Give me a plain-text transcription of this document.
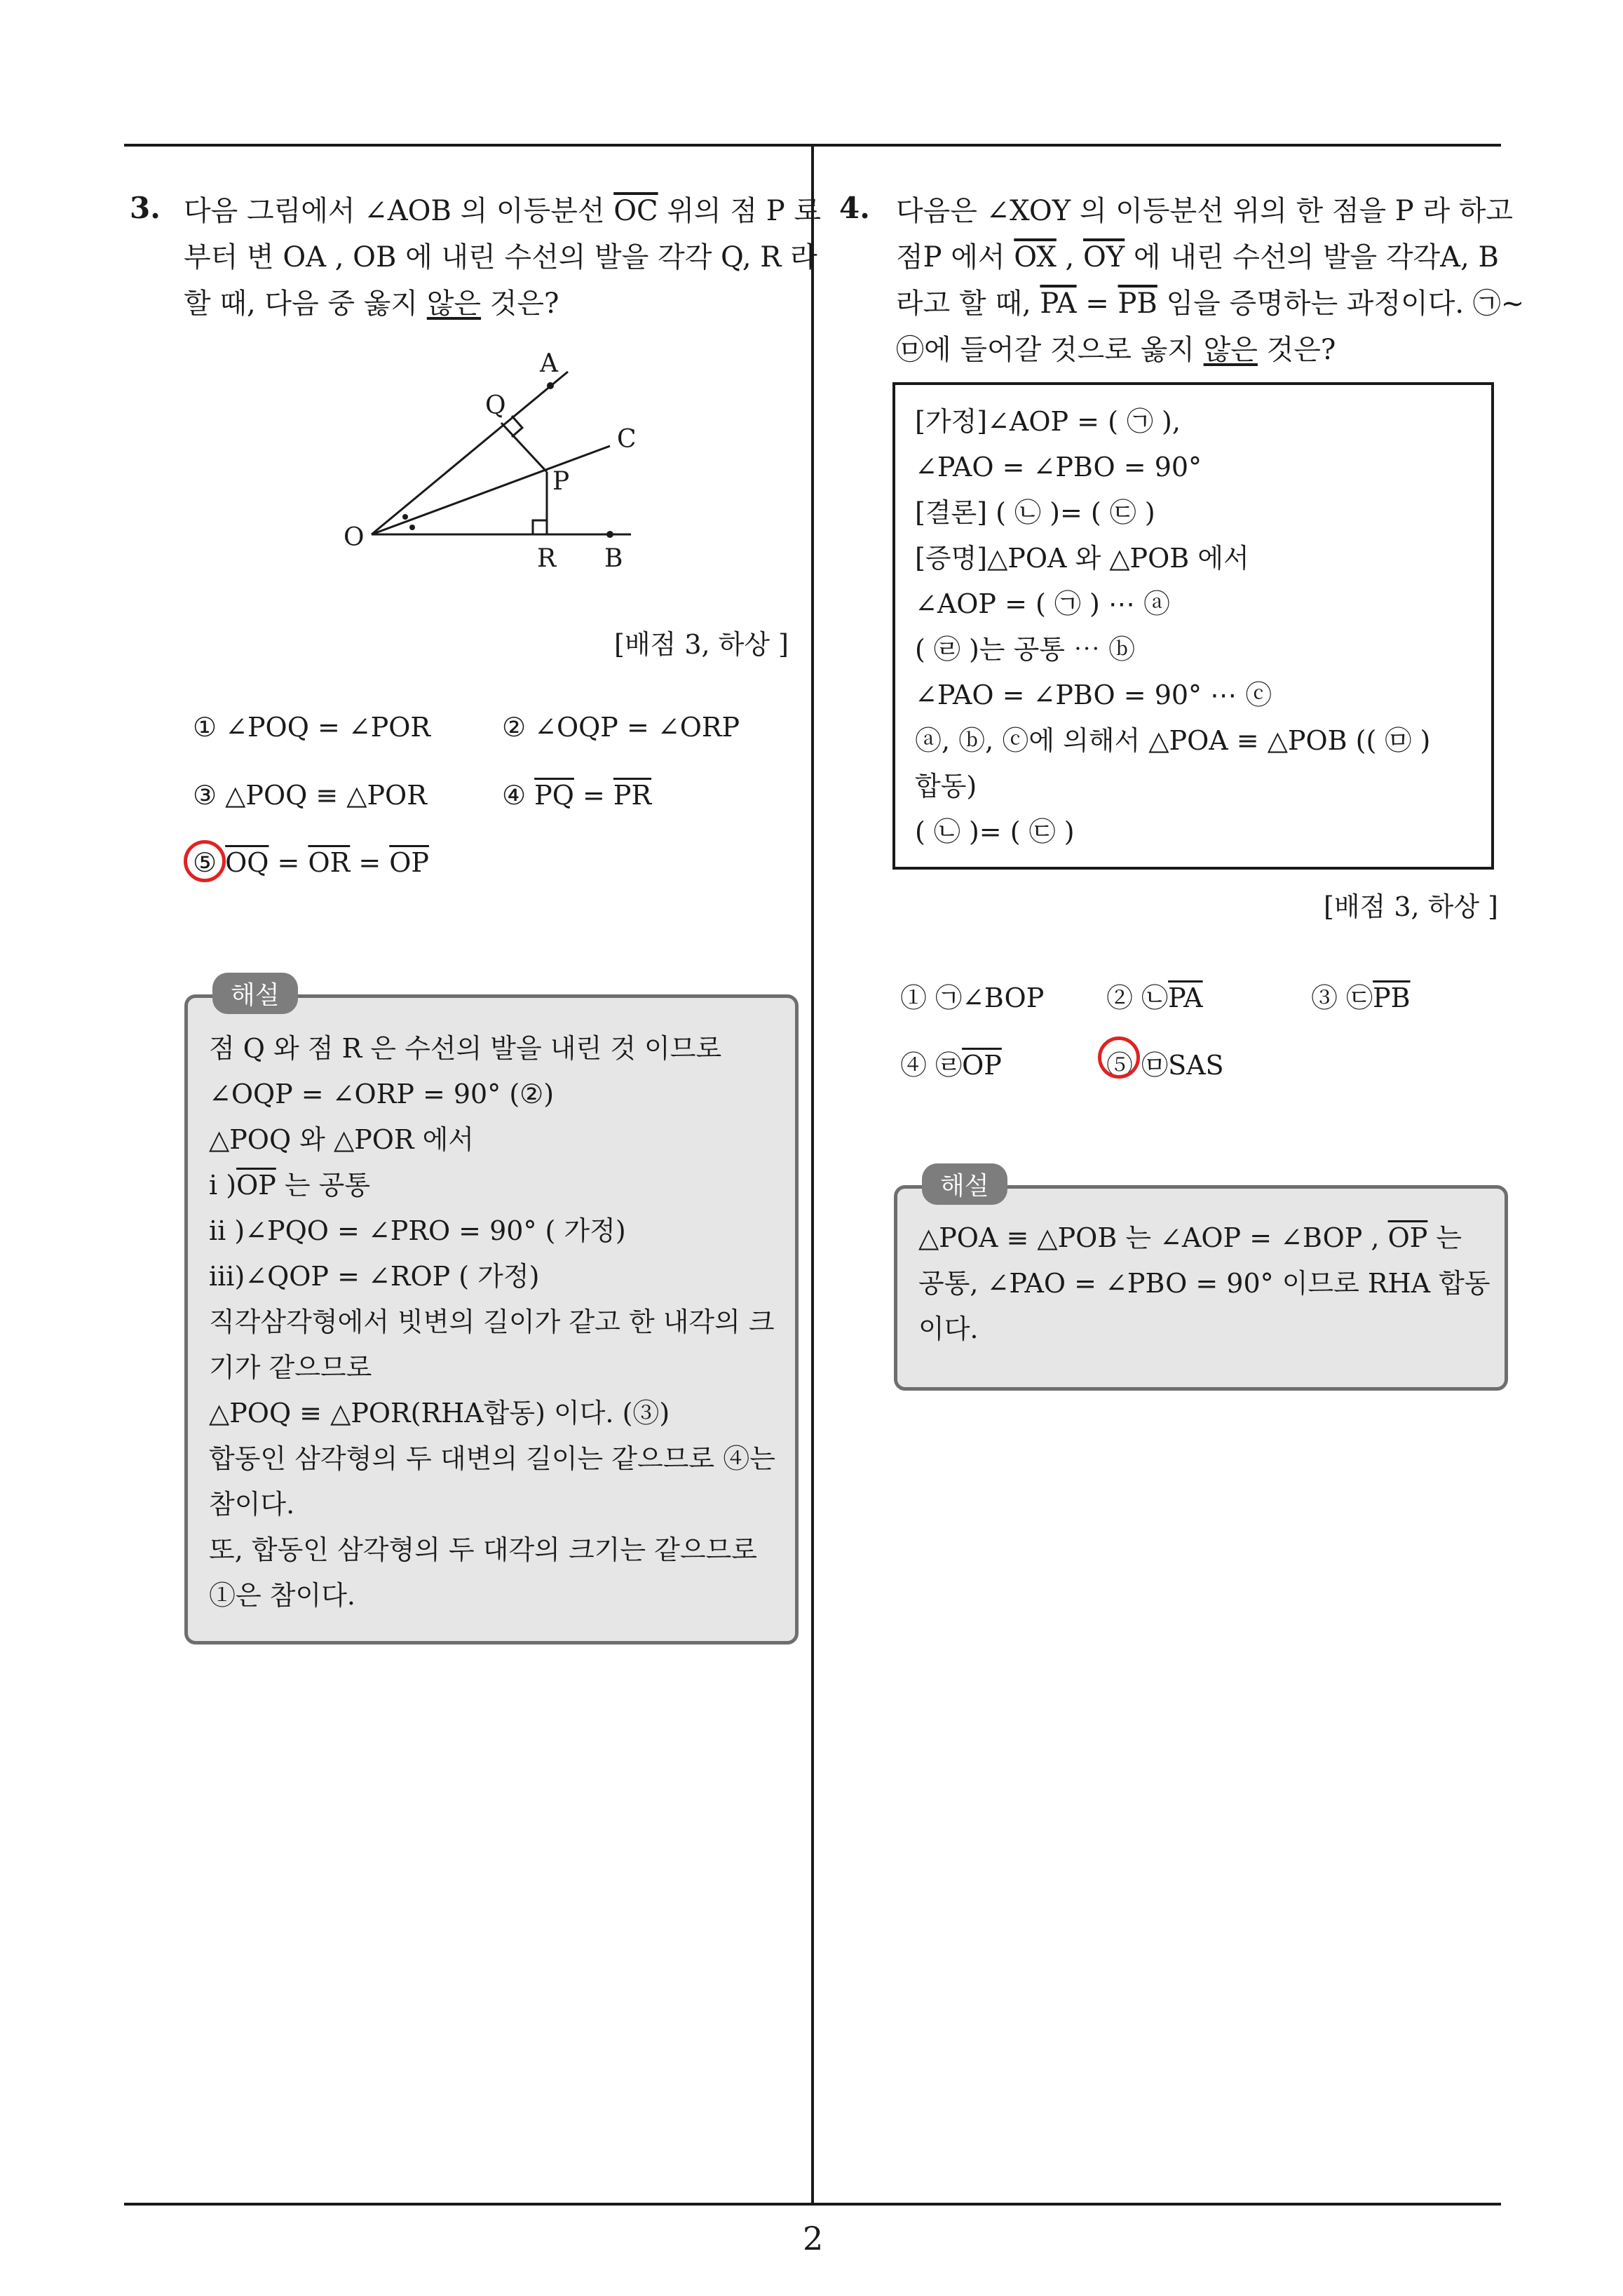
3. 다음 그림에서 ∠AOB 의 이등분선 $\overline{OC}$ 위의 점 P 로
부터 변 OA , OB 에 내린 수선의 발을 각각 Q, R 라
할 때, 다음 중 옳지 않은 것은?
A
Q
C
P
O
R B
[배점 3, 하상 ]
① ∠POQ = ∠POR	② ∠OQP = ∠ORP
③ △POQ ≡ △POR	④ $\overline{PQ} = \overline{PR}$
⑤ $\overline{OQ} = \overline{OR} = \overline{OP}$
해설
점 Q 와 점 R 은 수선의 발을 내린 것 이므로
∠OQP = ∠ORP = 90° (②)
△POQ 와 △POR 에서
i )$\overline{OP}$ 는 공통
ii )∠PQO = ∠PRO = 90° ( 가정)
iii)∠QOP = ∠ROP ( 가정)
직각삼각형에서 빗변의 길이가 같고 한 내각의 크
기가 같으므로
△POQ ≡ △POR(RHA합동) 이다. (③)
합동인 삼각형의 두 대변의 길이는 같으므로 ④는
참이다.
또, 합동인 삼각형의 두 대각의 크기는 같으므로
①은 참이다.
4. 다음은 ∠XOY 의 이등분선 위의 한 점을 P 라 하고
점P 에서 $\overline{OX}$ , $\overline{OY}$ 에 내린 수선의 발을 각각A, B
라고 할 때, $\overline{PA} = \overline{PB}$ 임을 증명하는 과정이다. ㉠~
㉤에 들어갈 것으로 옳지 않은 것은?
[가정]∠AOP = ( ㉠ ),
∠PAO = ∠PBO = 90°
[결론] ( ㉡ )= ( ㉢ )
[증명]△POA 와 △POB 에서
∠AOP = ( ㉠ ) ⋯ ⓐ
( ㉣ )는 공통 ⋯ ⓑ
∠PAO = ∠PBO = 90° ⋯ ⓒ
ⓐ, ⓑ, ⓒ에 의해서 △POA ≡ △POB (( ㉤ )
합동)
( ㉡ )= ( ㉢ )
[배점 3, 하상 ]
① ㉠∠BOP ② $㉡\overline{PA}$	③ $㉢\overline{PB}$
④ $㉣\overline{OP}$	⑤ ㉤SAS
해설
△POA ≡ △POB 는 ∠AOP = ∠BOP , $\overline{OP}$ 는
공통, ∠PAO = ∠PBO = 90° 이므로 RHA 합동
이다.
2
